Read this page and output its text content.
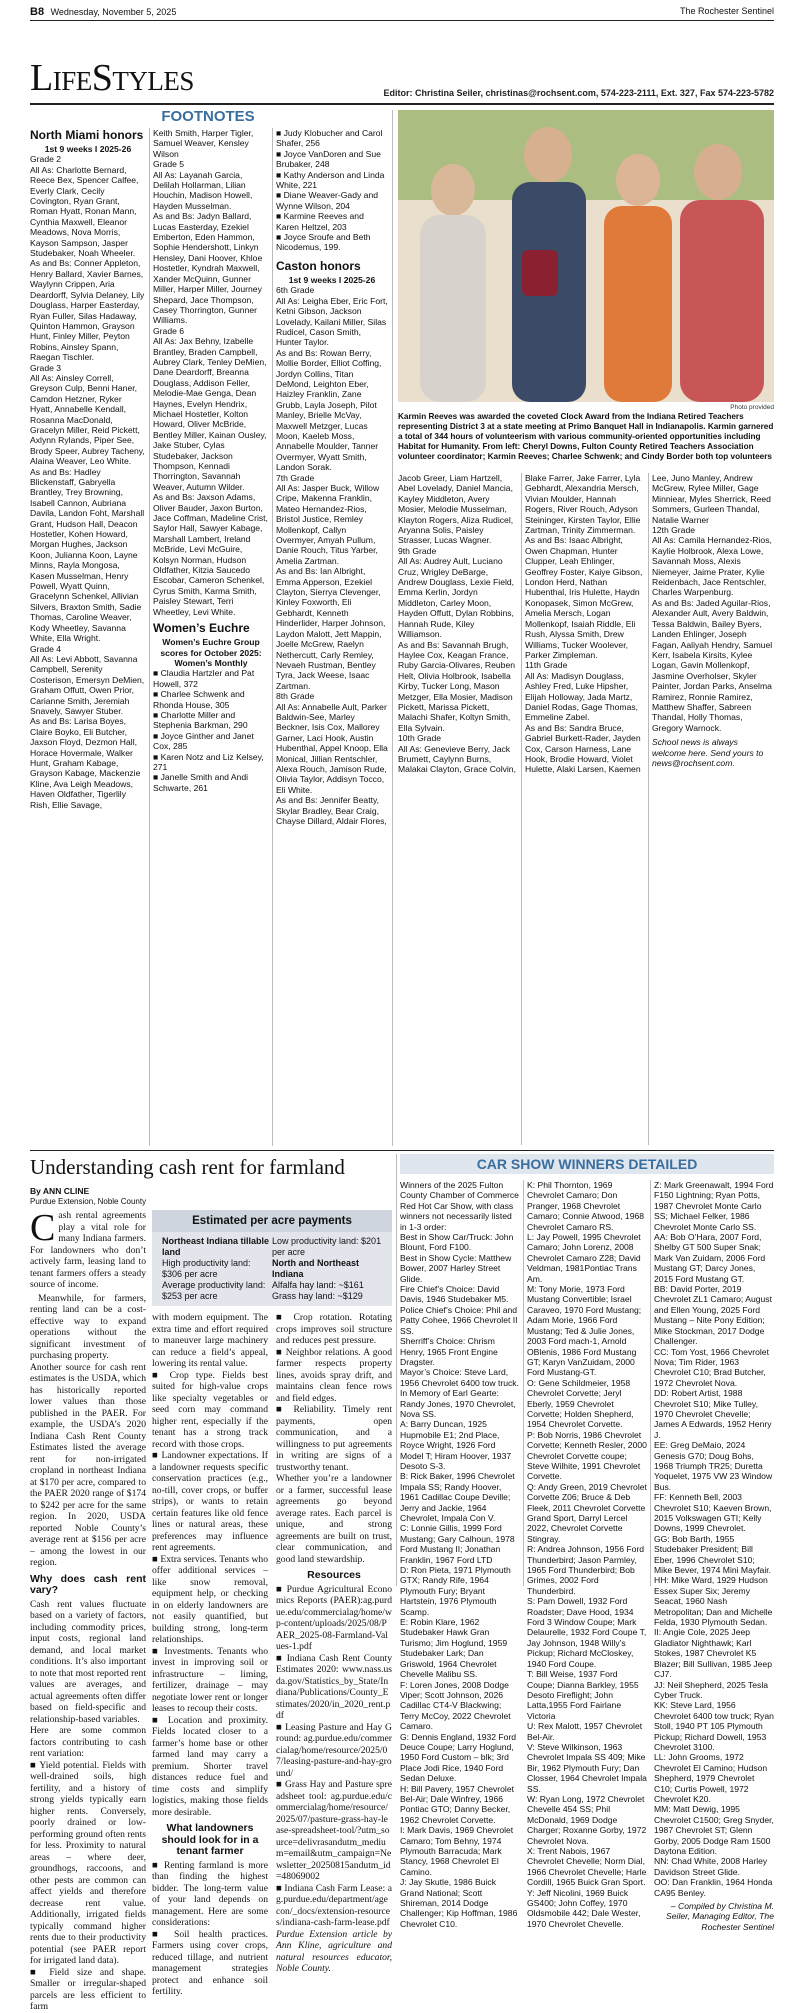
B8 Wednesday, November 5, 2025	The Rochester Sentinel
LifeStyles	Editor: Christina Seiler, christinas@rochsent.com, 574-223-2111, Ext. 327, Fax 574-223-5782
FOOTNOTES
North Miami honors
1st 9 weeks I 2025-26
Grade 2
All As: Charlotte Bernard, Reece Bex, Spencer Calfee, Everly Clark, Cecily Covington, Ryan Grant, Roman Hyatt, Ronan Mann, Cynthia Maxwell, Eleanor Meadows, Nova Morris, Kayson Sampson, Jasper Studebaker, Noah Wheeler.
As and Bs: Conner Appleton, Henry Ballard, Xavier Barnes, Waylynn Crippen, Aria Deardorff, Sylvia Delaney, Lily Douglass, Harper Easterday, Ryan Fuller, Silas Hadaway, Quinton Hammon, Grayson Hunt, Finley Miller, Peyton Robins, Ainsley Spann, Raegan Tischler.
Grade 3
All As: Ainsley Correll, Greyson Culp, Benni Haner, Camdon Hetzner, Ryker Hyatt, Annabelle Kendall, Rosanna MacDonald, Gracelyn Miller, Reid Pickett, Axlynn Rylands, Piper See, Brody Speer, Aubrey Tacheny, Alaina Weaver, Leo White.
As and Bs: Hadley Blickenstaff, Gabryella Brantley, Trey Browning, Isabell Cannon, Aubriana Davila, Landon Foht, Marshall Grant, Hudson Hall, Deacon Hostetler, Kohen Howard, Morgan Hughes, Jackson Koon, Julianna Koon, Layne Minns, Rayla Mongosa, Kasen Musselman, Henry Powell, Wyatt Quinn, Gracelynn Schenkel, Allivian Silvers, Braxton Smith, Sadie Thomas, Caroline Weaver, Kody Wheetley, Savanna White, Ella Wright.
Grade 4
All As: Levi Abbott, Savanna Campbell, Serenity Costerison, Emersyn DeMien, Graham Offutt, Owen Prior, Carianne Smith, Jeremiah Snavely, Sawyer Stuber.
As and Bs: Larisa Boyes, Claire Boyko, Eli Butcher, Jaxson Floyd, Dezmon Hall, Horace Hovermale, Walker Hunt, Graham Kabage, Grayson Kabage, Mackenzie Kline, Ava Leigh Meadows, Haven Oldfather, Tigerlily Rish, Ellie Savage,
Keith Smith, Harper Tigler, Samuel Weaver, Kensley Wilson
Grade 5
All As: Layanah Garcia, Delilah Hollarman, Lilian Houchin, Madison Howell, Hayden Musselman.
As and Bs: Jadyn Ballard, Lucas Easterday, Ezekiel Emberton, Eden Hammon, Sophie Hendershott, Linkyn Hensley, Dani Hoover, Khloe Hostetler, Kyndrah Maxwell, Xander McQuinn, Gunner Miller, Harper Miller, Journey Shepard, Jace Thompson, Casey Thorrington, Gunner Williams.
Grade 6
All As: Jax Behny, Izabelle Brantley, Braden Campbell, Aubrey Clark, Tenley DeMien, Dane Deardorff, Breanna Douglass, Addison Feller, Melodie-Mae Genga, Dean Haynes, Evelyn Hendrix, Michael Hostetler, Kolton Howard, Oliver McBride, Bentley Miller, Kainan Ousley, Jake Stuber, Cylas Studebaker, Jackson Thompson, Kennadi Thorrington, Savannah Weaver, Autumn Wilder.
As and Bs: Jaxson Adams, Oliver Bauder, Jaxon Burton, Jace Coffman, Madeline Crist, Saylor Hall, Sawyer Kabage, Marshall Lambert, Ireland McBride, Levi McGuire, Kolsyn Norman, Hudson Oldfather, Kitzia Saucedo Escobar, Cameron Schenkel, Cyrus Smith, Karma Smith, Paisley Stewart, Terri Wheetley, Levi White.
Women’s Euchre
Women’s Euchre Group scores for October 2025:
Women’s Monthly
■ Claudia Hartzler and Pat Howell, 372
■ Charlee Schwenk and Rhonda House, 305
■ Charlotte Miller and Stephenia Barkman, 290
■ Joyce Ginther and Janet Cox, 285
■ Karen Notz and Liz Kelsey, 271
■ Janelle Smith and Andi Schwarte, 261
■ Judy Klobucher and Carol Shafer, 256
■ Joyce VanDoren and Sue Brubaker, 248
■ Kathy Anderson and Linda White, 221
■ Diane Weaver-Gady and Wynne Wilson, 204
■ Karmine Reeves and Karen Heltzel, 203
■ Joyce Sroufe and Beth Nicodemus, 199.
Caston honors
1st 9 weeks I 2025-26
6th Grade
All As: Leigha Eber, Eric Fort, Ketni Gibson, Jackson Lovelady, Kailani Miller, Silas Rudicel, Cason Smith, Hunter Taylor.
As and Bs: Rowan Berry, Mollie Border, Elliot Coffing, Jordyn Collins, Titan DeMond, Leighton Eber, Haizley Franklin, Zane Grubb, Layla Joseph, Pilot Manley, Brielle McVay, Maxwell Metzger, Lucas Moon, Kaeleb Moss, Annabelle Moulder, Tanner Overmyer, Wyatt Smith, Landon Sorak.
7th Grade
All As: Jasper Buck, Willow Cripe, Makenna Franklin, Mateo Hernandez-Rios, Bristol Justice, Remley Mollenkopf, Callyn Overmyer, Amyah Pullum, Danie Rouch, Titus Yarber, Amelia Zartman.
As and Bs: Ian Albright, Emma Apperson, Ezekiel Clayton, Sierrya Clevenger, Kinley Foxworth, Eli Gebhardt, Kenneth Hinderlider, Harper Johnson, Laydon Malott, Jett Mappin, Joelle McGrew, Raelyn Nethercutt, Carly Remley, Nevaeh Rustman, Bentley Tyra, Jack Weese, Isaac Zartman.
8th Grade
All As: Annabelle Ault, Parker Baldwin-See, Marley Beckner, Isis Cox, Mallorey Garner, Laci Hook, Austin Hubenthal, Appel Knoop, Ella Monical, Jillian Rentschler, Alexa Rouch, Jamison Rude, Olivia Taylor, Addisyn Tocco, Eli White.
As and Bs: Jennifer Beatty, Skylar Bradley, Bear Craig, Chayse Dillard, Aldair Flores,
Photo provided
Karmin Reeves was awarded the coveted Clock Award from the Indiana Retired Teachers representing District 3 at a state meeting at Primo Banquet Hall in Indianapolis. Karmin garnered a total of 344 hours of volunteerism with various community-oriented opportunities including Habitat for Humanity. From left: Cheryl Downs, Fulton County Retired Teachers Association volunteer coordinator; Karmin Reeves; Charlee Schwenk; and Cindy Border both top volunteers
Jacob Greer, Liam Hartzell, Abel Lovelady, Daniel Mancia, Kayley Middleton, Avery Mosier, Melodie Musselman, Klayton Rogers, Aliza Rudicel, Aryanna Solis, Paisley Strasser, Lucas Wagner.
9th Grade
All As: Audrey Ault, Luciano Cruz, Wrigley DeBarge, Andrew Douglass, Lexie Field, Emma Kerlin, Jordyn Middleton, Carley Moon, Hayden Offutt, Dylan Robbins, Hannah Rude, Kiley Williamson.
As and Bs: Savannah Brugh, Haylee Cox, Keagan France, Ruby Garcia-Olivares, Reuben Helt, Olivia Holbrook, Isabella Kirby, Tucker Long, Mason Metzger, Ella Mosier, Madison Pickett, Marissa Pickett, Malachi Shafer, Koltyn Smith, Ella Sylvain.
10th Grade
All As: Genevieve Berry, Jack Brumett, Caylynn Burns, Malakai Clayton, Grace Colvin,
Blake Farrer, Jake Farrer, Lyla Gebhardt, Alexandria Mersch, Vivian Moulder, Hannah Rogers, River Rouch, Adyson Steininger, Kirsten Taylor, Ellie Zartman, Trinity Zimmerman.
As and Bs: Isaac Albright, Owen Chapman, Hunter Clupper, Leah Ehlinger, Geoffrey Foster, Kaiye Gibson, London Herd, Nathan Hubenthal, Iris Hulette, Haydn Konopasek, Simon McGrew, Amelia Mersch, Logan Mollenkopf, Isaiah Riddle, Eli Rush, Alyssa Smith, Drew Williams, Tucker Woolever, Parker Zimpleman.
11th Grade
All As: Madisyn Douglass, Ashley Fred, Luke Hipsher, Elijah Holloway, Jada Martz, Daniel Rodas, Gage Thomas, Emmeline Zabel.
As and Bs: Sandra Bruce, Gabriel Burkett-Rader, Jayden Cox, Carson Harness, Lane Hook, Brodie Howard, Violet Hulette, Alaki Larsen, Kaemen
Lee, Juno Manley, Andrew McGrew, Rylee Miller, Gage Minniear, Myles Sherrick, Reed Sommers, Gurleen Thandal, Natalie Warner
12th Grade
All As: Camila Hernandez-Rios, Kaylie Holbrook, Alexa Lowe, Savannah Moss, Alexis Niemeyer, Jaime Prater, Kylie Reidenbach, Jace Rentschler, Charles Warpenburg.
As and Bs: Jaded Aguilar-Rios, Alexander Ault, Avery Baldwin, Tessa Baldwin, Bailey Byers, Landen Ehlinger, Joseph Fagan, Aaliyah Hendry, Samuel Kerr, Isabela Kirsits, Kylee Logan, Gavin Mollenkopf, Jasmine Overholser, Skyler Painter, Jordan Parks, Anselma Ramirez, Ronnie Ramirez, Matthew Shaffer, Sabreen Thandal, Holly Thomas, Gregory Warnock.
School news is always welcome here. Send yours to news@rochsent.com.
Understanding cash rent for farmland
By ANN CLINE
Purdue Extension, Noble County
Cash rental agreements play a vital role for many Indiana farmers. For landowners who don’t actively farm, leasing land to tenant farmers offers a steady source of income.
Meanwhile, for farmers, renting land can be a cost-effective way to expand operations without the significant investment of purchasing property.
Another source for cash rent estimates is the USDA, which has historically reported lower values than those published in the PAER. For example, the USDA’s 2020 Indiana Cash Rent County Estimates listed the average rent for non-irrigated cropland in northeast Indiana at $170 per acre, compared to the PAER 2020 range of $174 to $242 per acre for the same region. In 2020, USDA reported Noble County’s average rent at $156 per acre – among the lowest in our region.
Why does cash rent vary?
Cash rent values fluctuate based on a variety of factors, including commodity prices, input costs, regional land demand, and local market conditions. It’s also important to note that most reported rent values are averages, and actual agreements often differ based on field-specific and relationship-based variables.
Here are some common factors contributing to cash rent variation:
■ Yield potential. Fields with well-drained soils, high fertility, and a history of strong yields typically earn higher rents. Conversely, poorly drained or low-performing ground often rents for less. Proximity to natural areas – where deer, groundhogs, raccoons, and other pests are common can affect yields and therefore decrease rent value. Additionally, irrigated fields typically command higher rents due to their productivity potential (see PAER report for irrigated land data).
■ Field size and shape. Smaller or irregular-shaped parcels are less efficient to farm
Estimated per acre payments
Northeast Indiana tillable land
High productivity land: $306 per acre
Average productivity land: $253 per acre
Low productivity land: $201 per acre
North and Northeast Indiana
Alfalfa hay land: ~$161
Grass hay land: ~$129
with modern equipment. The extra time and effort required to maneuver large machinery can reduce a field’s appeal, lowering its rental value.
■ Crop type. Fields best suited for high-value crops like specialty vegetables or seed corn may command higher rent, especially if the tenant has a strong track record with those crops.
■ Landowner expectations. If a landowner requests specific conservation practices (e.g., no-till, cover crops, or buffer strips), or wants to retain certain features like old fence lines or natural areas, these preferences may influence rent agreements.
■ Extra services. Tenants who offer additional services – like snow removal, equipment help, or checking in on elderly landowners are not easily quantified, but building strong, long-term relationships.
■ Investments. Tenants who invest in improving soil or infrastructure – liming, fertilizer, drainage – may negotiate lower rent or longer leases to recoup their costs.
■ Location and proximity. Fields located closer to a farmer’s home base or other farmed land may carry a premium. Shorter travel distances reduce fuel and time costs and simplify logistics, making those fields more desirable.
What landowners should look for in a tenant farmer
■ Renting farmland is more than finding the highest bidder. The long-term value of your land depends on management. Here are some considerations:
■ Soil health practices. Farmers using cover crops, reduced tillage, and nutrient management strategies protect and enhance soil fertility.
■ Crop rotation. Rotating crops improves soil structure and reduces pest pressure.
■ Neighbor relations. A good farmer respects property lines, avoids spray drift, and maintains clean fence rows and field edges.
■ Reliability. Timely rent payments, open communication, and a willingness to put agreements in writing are signs of a trustworthy tenant.
Whether you’re a landowner or a farmer, successful lease agreements go beyond average rates. Each parcel is unique, and strong agreements are built on trust, clear communication, and good land stewardship.
Resources
■ Purdue Agricultural Economics Reports (PAER):ag.purdue.edu/commercialag/home/wp-content/uploads/2025/08/PAER_2025-08-Farmland-Values-1.pdf
■ Indiana Cash Rent County Estimates 2020: www.nass.usda.gov/Statistics_by_State/Indiana/Publications/County_Estimates/2020/in_2020_rent.pdf
■ Leasing Pasture and Hay Ground: ag.purdue.edu/commercialag/home/resource/2025/07/leasing-pasture-and-hay-ground/
■ Grass Hay and Pasture spreadsheet tool: ag.purdue.edu/commercialag/home/resource/2025/07/pasture-grass-hay-lease-spreadsheet-tool/?utm_source=delivrasandutm_medium=email&utm_campaign=Newsletter_20250815andutm_id=48069002
■ Indiana Cash Farm Lease: ag.purdue.edu/department/agecon/_docs/extension-resources/indiana-cash-farm-lease.pdf
Purdue Extension article by Ann Kline, agriculture and natural resources educator, Noble County.
CAR SHOW WINNERS DETAILED
Winners of the 2025 Fulton County Chamber of Commerce Red Hot Car Show, with class winners not necessarily listed in 1-3 order:
Best in Show Car/Truck: John Blount, Ford F100.
Best in Show Cycle: Matthew Bower, 2007 Harley Street Glide.
Fire Chief’s Choice: David Davis, 1946 Studebaker M5.
Police Chief’s Choice: Phil and Patty Cohee, 1966 Chevrolet II SS.
Sherriff’s Choice: Chrism Henry, 1965 Front Engine Dragster.
Mayor’s Choice: Steve Lard, 1956 Chevrolet 6400 tow truck.
In Memory of Earl Gearte: Randy Jones, 1970 Chevrolet, Nova SS.
A: Barry Duncan, 1925 Hupmobile E1; 2nd Place, Royce Wright, 1926 Ford Model T; Hiram Hoover, 1937 Desoto S-3.
B: Rick Baker, 1996 Chevrolet Impala SS; Randy Hoover, 1961 Cadillac Coupe Deville; Jerry and Jackie, 1964 Chevrolet, Impala Con V.
C: Lonnie Gillis, 1999 Ford Mustang; Gary Calhoun, 1978 Ford Mustang II; Jonathan Franklin, 1967 Ford LTD
D: Ron Pieta, 1971 Plymouth GTX; Randy Rife, 1964 Plymouth Fury; Bryant Hartstein, 1976 Plymouth Scamp.
E: Robin Klare, 1962 Studebaker Hawk Gran Turismo; Jim Hoglund, 1959 Studebaker Lark; Dan Griswold, 1964 Chevrolet Chevelle Malibu SS.
F: Loren Jones, 2008 Dodge Viper; Scott Johnson, 2026 Cadillac CT4-V Blackwing; Terry McCoy, 2022 Chevrolet Camaro.
G: Dennis England, 1932 Ford Deuce Coupe; Larry Hoglund, 1950 Ford Custom – blk; 3rd Place Jodi Rice, 1940 Ford Sedan Deluxe.
H: Bill Pavery, 1957 Chevrolet Bel-Air; Dale Winfrey, 1966 Pontiac GTO; Danny Becker, 1962 Chevrolet Corvette.
I: Mark Davis, 1969 Chevrolet Camaro; Tom Behny, 1974 Plymouth Barracuda; Mark Stancy, 1968 Chevrolet El Camino.
J: Jay Skutle, 1986 Buick Grand National; Scott Shireman, 2014 Dodge Challenger; Kip Hoffman, 1986 Chevrolet C10.
K: Phil Thornton, 1969 Chevrolet Camaro; Don Pranger, 1968 Chevrolet Camaro; Connie Atwood, 1968 Chevrolet Camaro RS.
L: Jay Powell, 1995 Chevrolet Camaro; John Lorenz, 2008 Chevrolet Camaro Z28; David Veldman, 1981Pontiac Trans Am.
M: Tony Morie, 1973 Ford Mustang Convertible; Israel Caraveo, 1970 Ford Mustang; Adam Morie, 1966 Ford Mustang; Ted & Julie Jones, 2003 Ford mach-1, Arnold OBlenis, 1986 Ford Mustang GT; Karyn VanZuidam, 2000 Ford Mustang-GT.
O: Gene Schildmeier, 1958 Chevrolet Corvette; Jeryl Eberly, 1959 Chevrolet Corvette; Holden Shepherd, 1954 Chevrolet Corvette.
P: Bob Norris, 1986 Chevrolet Corvette; Kenneth Resler, 2000 Chevrolet Corvette coupe; Steve Wilhite, 1991 Chevrolet Corvette.
Q: Andy Green, 2019 Chevrolet Corvette Z06; Bruce & Deb Fleek, 2011 Chevrolet Corvette Grand Sport, Darryl Lercel 2022, Chevrolet Corvette Stingray.
R: Andrea Johnson, 1956 Ford Thunderbird; Jason Parmley, 1965 Ford Thunderbird; Bob Grimes, 2002 Ford Thunderbird.
S: Pam Dowell, 1932 Ford Roadster; Dave Hood, 1934 Ford 3 Window Coupe; Mark Delaurelle, 1932 Ford Coupe T, Jay Johnson, 1948 Willy’s Pickup; Richard McCloskey, 1940 Ford Coupe.
T: Bill Weise, 1937 Ford Coupe; Dianna Barkley, 1955 Desoto Fireflight; John Latta,1955 Ford Fairlane Victoria
U: Rex Malott, 1957 Chevrolet Bel-Air.
V: Steve Wilkinson, 1963 Chevrolet Impala SS 409; Mike Bir, 1962 Plymouth Fury; Dan Closser, 1964 Chevrolet Impala SS.
W: Ryan Long, 1972 Chevrolet Chevelle 454 SS; Phil McDonald, 1969 Dodge Charger; Roxanne Gorby, 1972 Chevrolet Nova.
X: Trent Nabois, 1967 Chevrolet Chevelle; Norm Dial, 1966 Chevrolet Chevelle; Harle Cordill, 1965 Buick Gran Sport.
Y: Jeff Nicolini, 1969 Buick GS400; John Coffey, 1970 Oldsmobile 442; Dale Wester, 1970 Chevrolet Chevelle.
Z: Mark Greenawalt, 1994 Ford F150 Lightning; Ryan Potts, 1987 Chevrolet Monte Carlo SS; Michael Felker, 1986 Chevrolet Monte Carlo SS.
AA: Bob O’Hara, 2007 Ford, Shelby GT 500 Super Snak; Mark Van Zuidam, 2006 Ford Mustang GT; Darcy Jones, 2015 Ford Mustang GT.
BB: David Porter, 2019 Chevrolet ZL1 Camaro; August and Ellen Young, 2025 Ford Mustang – Nite Pony Edition; Mike Stockman, 2017 Dodge Challenger.
CC: Tom Yost, 1966 Chevrolet Nova; Tim Rider, 1963 Chevrolet C10; Brad Butcher, 1972 Chevrolet Nova.
DD: Robert Artist, 1988 Chevrolet S10; Mike Tulley, 1970 Chevrolet Chevelle; James A Edwards, 1952 Henry J.
EE: Greg DeMaio, 2024 Genesis G70; Doug Bohs, 1968 Triumph TR25; Duretta Yoquelet, 1975 VW 23 Window Bus.
FF: Kenneth Bell, 2003 Chevrolet S10; Kaeven Brown, 2015 Volkswagen GTI; Kelly Downs, 1999 Chevrolet.
GG: Bob Barth, 1955 Studebaker President; Bill Eber, 1996 Chevrolet S10; Mike Bever, 1974 Mini Mayfair.
HH: Mike Ward, 1929 Hudson Essex Super Six; Jeremy Seacat, 1960 Nash Metropolitan; Dan and Michelle Felda, 1930 Plymouth Sedan.
II: Angie Cole, 2025 Jeep Gladiator Nighthawk; Karl Stokes, 1987 Chevrolet K5 Blazer; Bill Sullivan, 1985 Jeep CJ7.
JJ: Neil Shepherd, 2025 Tesla Cyber Truck.
KK: Steve Lard, 1956 Chevrolet 6400 tow truck; Ryan Stoll, 1940 PT 105 Plymouth Pickup; Richard Dowell, 1953 Chevrolet 3100.
LL: John Grooms, 1972 Chevrolet El Camino; Hudson Shepherd, 1979 Chevrolet C10; Curtis Powell, 1972 Chevrolet K20.
MM: Matt Dewig, 1995 Chevrolet C1500; Greg Snyder, 1987 Chevrolet ST; Glenn Gorby, 2005 Dodge Ram 1500 Daytona Edition.
NN: Chad White, 2008 Harley Davidson Street Glide.
OO: Dan Franklin, 1964 Honda CA95 Benley.
– Compiled by Christina M. Seiler, Managing Editor, The Rochester Sentinel
